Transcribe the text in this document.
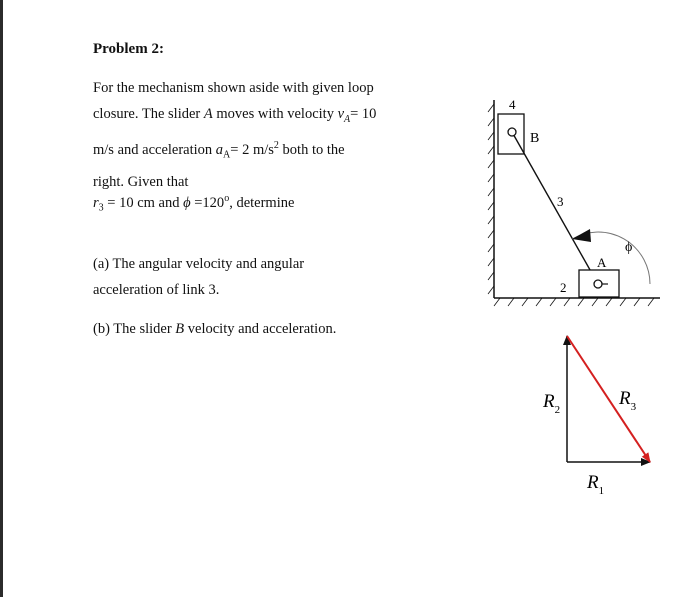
Problem 2:
For the mechanism shown aside with given loop
closure. The slider A moves with velocity $v_A= 10$
m/s and acceleration $a_A= 2$ $m/s^2$ both to the
right. Given that
$r_3 = 10$ cm and $\phi =120^o$, determine
(a) The angular velocity and angular
acceleration of link 3.
(b) The slider B velocity and acceleration.
4
B
3
A
2
ϕ
$R_2$
$R_3$
$R_1$
